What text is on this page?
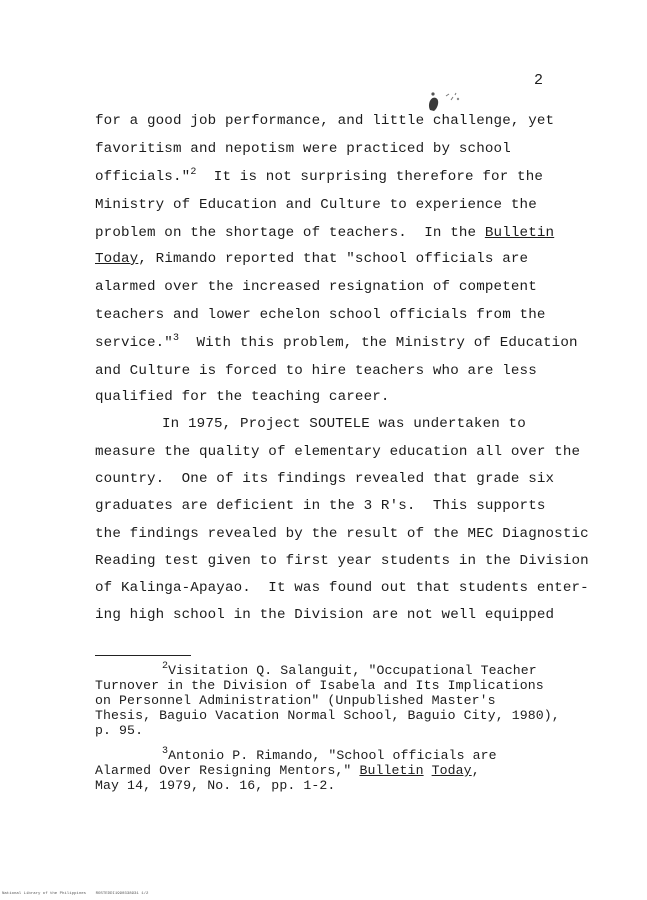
2
for a good job performance, and little challenge, yet
favoritism and nepotism were practiced by school
officials."$^2$  It is not surprising therefore for the
Ministry of Education and Culture to experience the
problem on the shortage of teachers.  In the Bulletin
Today, Rimando reported that "school officials are
alarmed over the increased resignation of competent
teachers and lower echelon school officials from the
service."$^3$  With this problem, the Ministry of Education
and Culture is forced to hire teachers who are less
qualified for the teaching career.
In 1975, Project SOUTELE was undertaken to
measure the quality of elementary education all over the
country.  One of its findings revealed that grade six
graduates are deficient in the 3 R's.  This supports
the findings revealed by the result of the MEC Diagnostic
Reading test given to first year students in the Division
of Kalinga-Apayao.  It was found out that students enter-
ing high school in the Division are not well equipped
$^2$Visitation Q. Salanguit, "Occupational Teacher
Turnover in the Division of Isabela and Its Implications
on Personnel Administration" (Unpublished Master's
Thesis, Baguio Vacation Normal School, Baguio City, 1980),
p. 95.
$^3$Antonio P. Rimando, "School officials are
Alarmed Over Resigning Mentors," Bulletin Today,
May 14, 1979, No. 16, pp. 1-2.
National Library of the Philippines    ROSTEDDI1990338931 1/2
